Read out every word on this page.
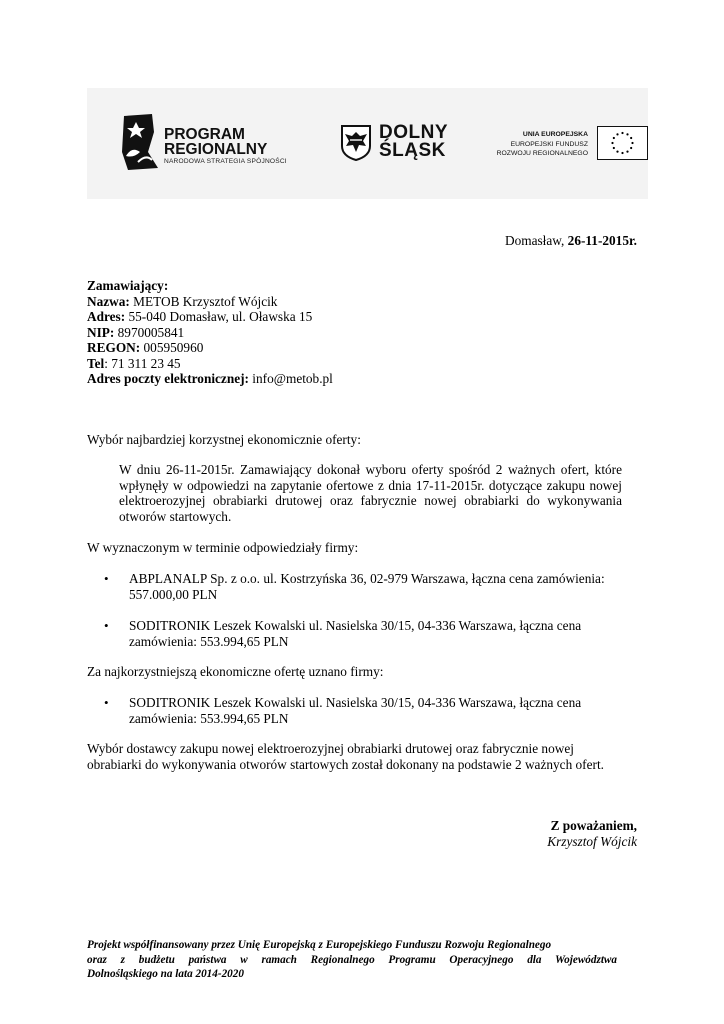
PROGRAM
REGIONALNY
NARODOWA STRATEGIA SPÓJNOŚCI
DOLNY
ŚLĄSK
UNIA EUROPEJSKA
EUROPEJSKI FUNDUSZ
ROZWOJU REGIONALNEGO
Domasław, 26-11-2015r.
Zamawiający:
Nazwa: METOB Krzysztof Wójcik
Adres: 55-040 Domasław, ul. Oławska 15
NIP: 8970005841
REGON: 005950960
Tel: 71 311 23 45
Adres poczty elektronicznej: info@metob.pl
Wybór najbardziej korzystnej ekonomicznie oferty:
W dniu 26-11-2015r. Zamawiający dokonał wyboru oferty spośród 2 ważnych ofert, które
wpłynęły w odpowiedzi na zapytanie ofertowe z dnia 17-11-2015r. dotyczące zakupu nowej
elektroerozyjnej obrabiarki drutowej oraz fabrycznie nowej obrabiarki do wykonywania
otworów startowych.
W wyznaczonym w terminie odpowiedziały firmy:
• ABPLANALP Sp. z o.o. ul. Kostrzyńska 36, 02-979 Warszawa, łączna cena zamówienia:
557.000,00 PLN
• SODITRONIK Leszek Kowalski ul. Nasielska 30/15, 04-336 Warszawa, łączna cena
zamówienia: 553.994,65 PLN
Za najkorzystniejszą ekonomiczne ofertę uznano firmy:
• SODITRONIK Leszek Kowalski ul. Nasielska 30/15, 04-336 Warszawa, łączna cena
zamówienia: 553.994,65 PLN
Wybór dostawcy zakupu nowej elektroerozyjnej obrabiarki drutowej oraz fabrycznie nowej
obrabiarki do wykonywania otworów startowych został dokonany na podstawie 2 ważnych ofert.
Z poważaniem,
Krzysztof Wójcik
Projekt współfinansowany przez Unię Europejską z Europejskiego Funduszu Rozwoju Regionalnego
oraz z budżetu państwa w ramach Regionalnego Programu Operacyjnego dla Województwa
Dolnośląskiego na lata 2014-2020
